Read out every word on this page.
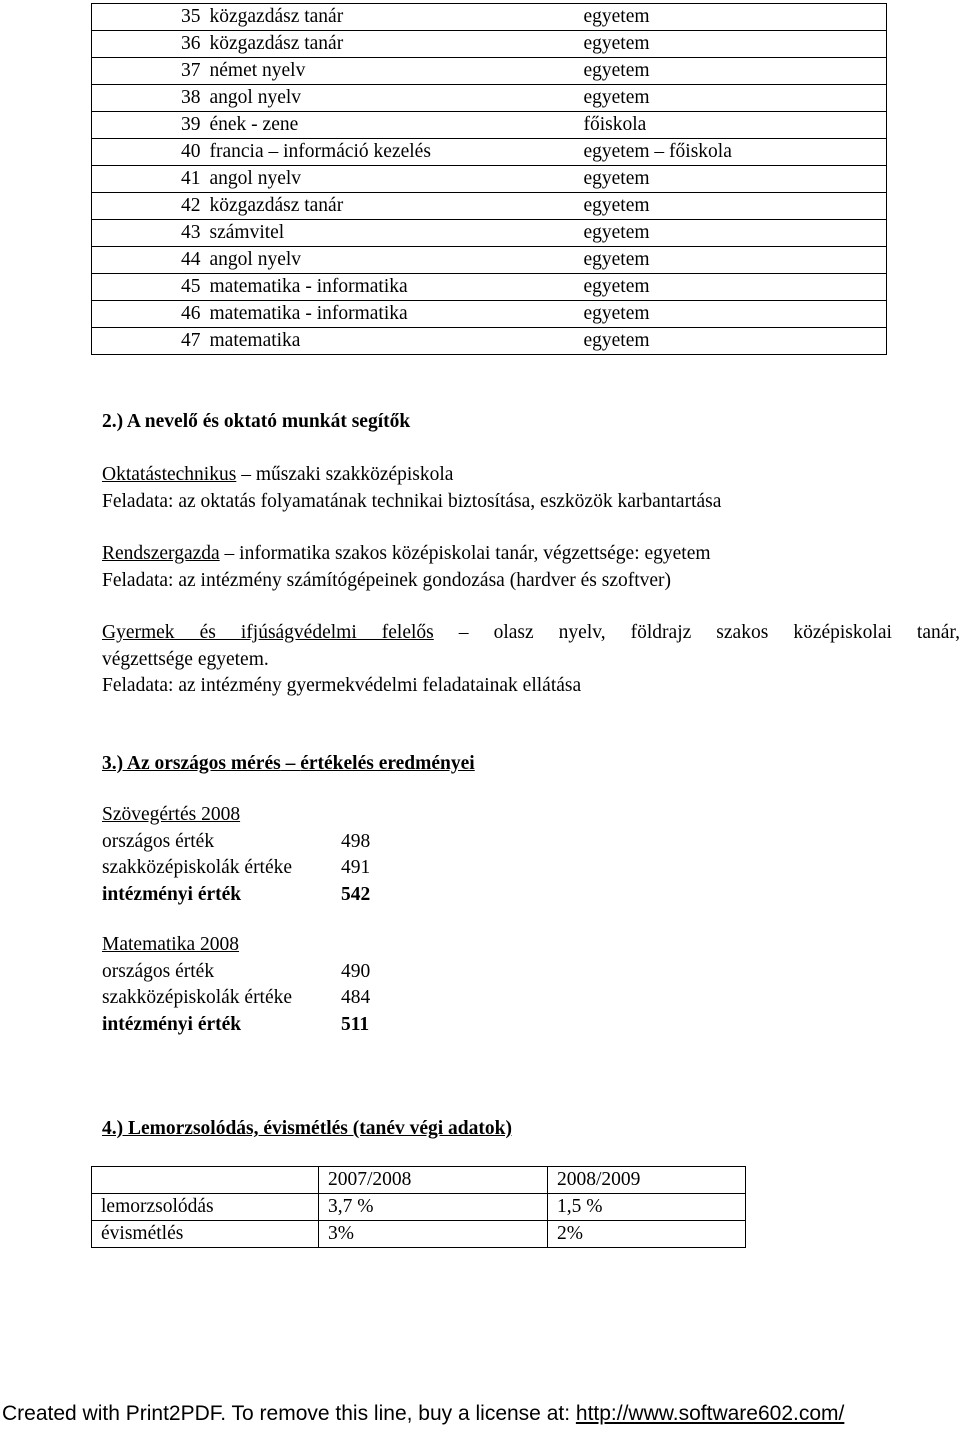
35	közgazdász tanár	egyetem
36	közgazdász tanár	egyetem
37	német nyelv	egyetem
38	angol nyelv	egyetem
39	ének - zene	főiskola
40	francia – információ kezelés	egyetem – főiskola
41	angol nyelv	egyetem
42	közgazdász tanár	egyetem
43	számvitel	egyetem
44	angol nyelv	egyetem
45	matematika - informatika	egyetem
46	matematika - informatika	egyetem
47	matematika	egyetem
2.) A nevelő és oktató munkát segítők
Oktatástechnikus – műszaki szakközépiskola
Feladata: az oktatás folyamatának technikai biztosítása, eszközök karbantartása
Rendszergazda – informatika szakos középiskolai tanár, végzettsége: egyetem
Feladata: az intézmény számítógépeinek gondozása (hardver és szoftver)
Gyermek és ifjúságvédelmi felelős – olasz nyelv, földrajz szakos középiskolai tanár,
végzettsége egyetem.
Feladata: az intézmény gyermekvédelmi feladatainak ellátása
3.) Az országos mérés – értékelés eredményei
Szövegértés 2008
országos érték	498
szakközépiskolák értéke	491
intézményi érték	542
Matematika 2008
országos érték	490
szakközépiskolák értéke	484
intézményi érték	511
4.) Lemorzsolódás, évismétlés (tanév végi adatok)
	2007/2008	2008/2009
lemorzsolódás	3,7 %	1,5 %
évismétlés	3%	2%
Created with Print2PDF. To remove this line, buy a license at: http://www.software602.com/
